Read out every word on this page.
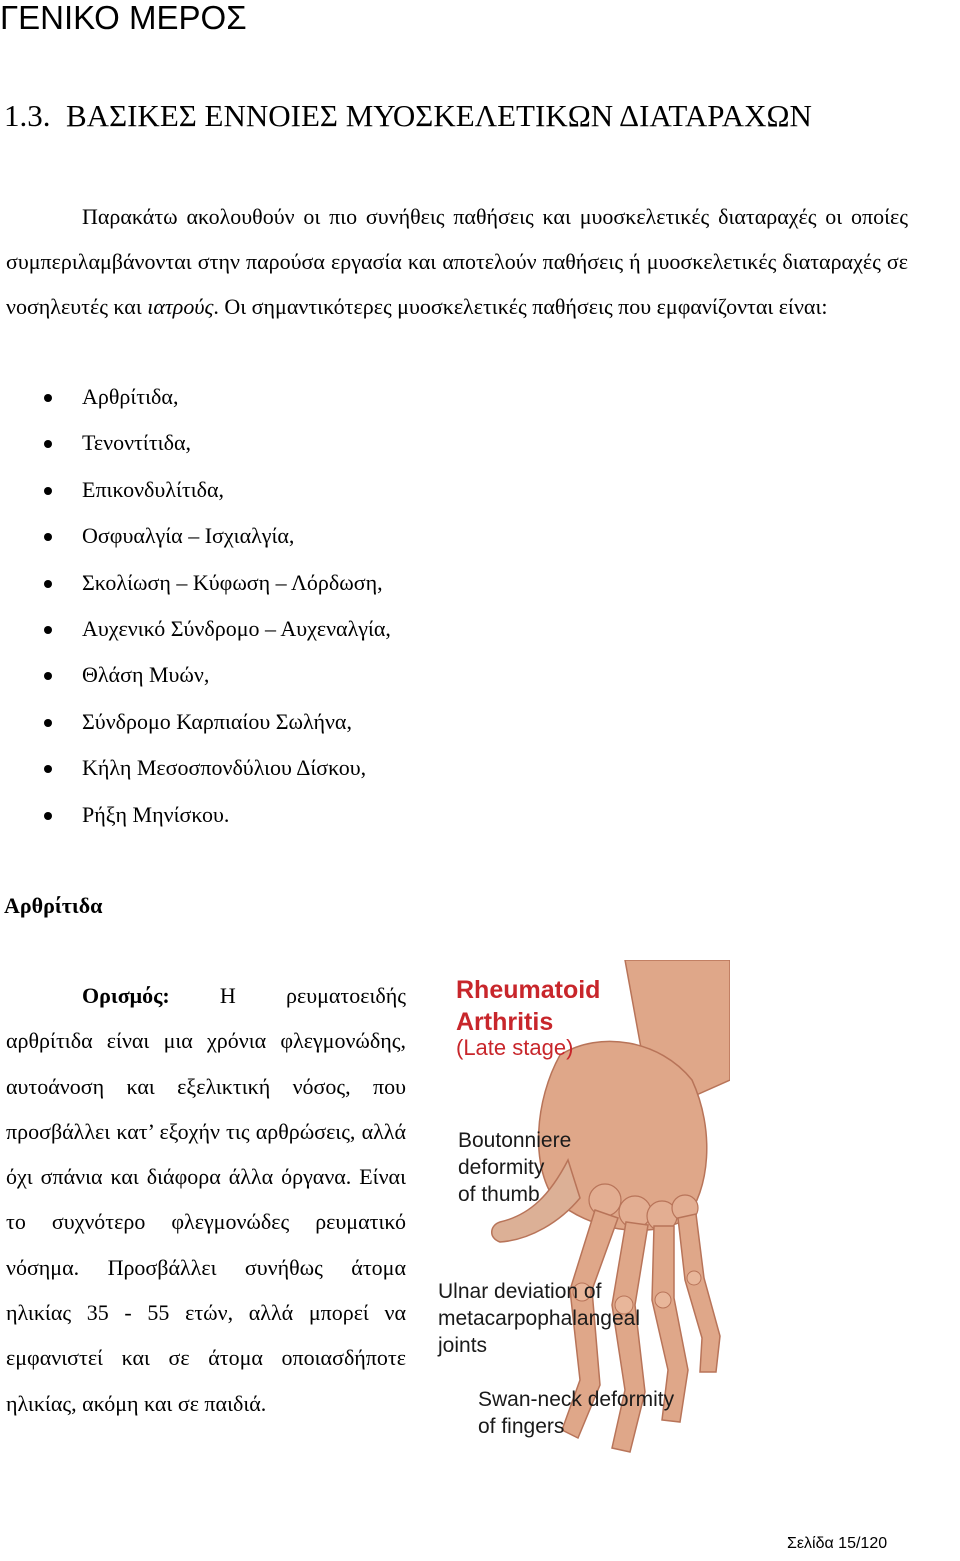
ΓΕΝΙΚΟ ΜΕΡΟΣ
1.3. ΒΑΣΙΚΕΣ ΕΝΝΟΙΕΣ ΜΥΟΣΚΕΛΕΤΙΚΩΝ ΔΙΑΤΑΡΑΧΩΝ

Παρακάτω ακολουθούν οι πιο συνήθεις παθήσεις και μυοσκελετικές διαταραχές οι οποίες συμπεριλαμβάνονται στην παρούσα εργασία και αποτελούν παθήσεις ή μυοσκελετικές διαταραχές σε νοσηλευτές και ιατρούς. Οι σημαντικότερες μυοσκελετικές παθήσεις που εμφανίζονται είναι:

Αρθρίτιδα,
Τενοντίτιδα,
Επικονδυλίτιδα,
Οσφυαλγία – Ισχιαλγία,
Σκολίωση – Κύφωση – Λόρδωση,
Αυχενικό Σύνδρομο – Αυχεναλγία,
Θλάση Μυών,
Σύνδρομο Καρπιαίου Σωλήνα,
Κήλη Μεσοσπονδύλιου Δίσκου,
Ρήξη Μηνίσκου.
Αρθρίτιδα

Ορισμός: Η ρευματοειδής αρθρίτιδα είναι μια χρόνια φλεγμονώδης, αυτοάνοση και εξελικτική νόσος, που προσβάλλει κατ’ εξοχήν τις αρθρώσεις, αλλά όχι σπάνια και διάφορα άλλα όργανα. Είναι το συχνότερο φλεγμονώδες ρευματικό νόσημα. Προσβάλλει συνήθως άτομα ηλικίας 35 - 55 ετών, αλλά μπορεί να εμφανιστεί και σε άτομα οποιασδήποτε ηλικίας, ακόμη και σε παιδιά.

Rheumatoid
Arthritis

(Late stage)

Boutonniere
deformity
of thumb

Ulnar deviation of
metacarpophalangeal
joints

Swan-neck deformity
of fingers

Σελίδα 15/120
